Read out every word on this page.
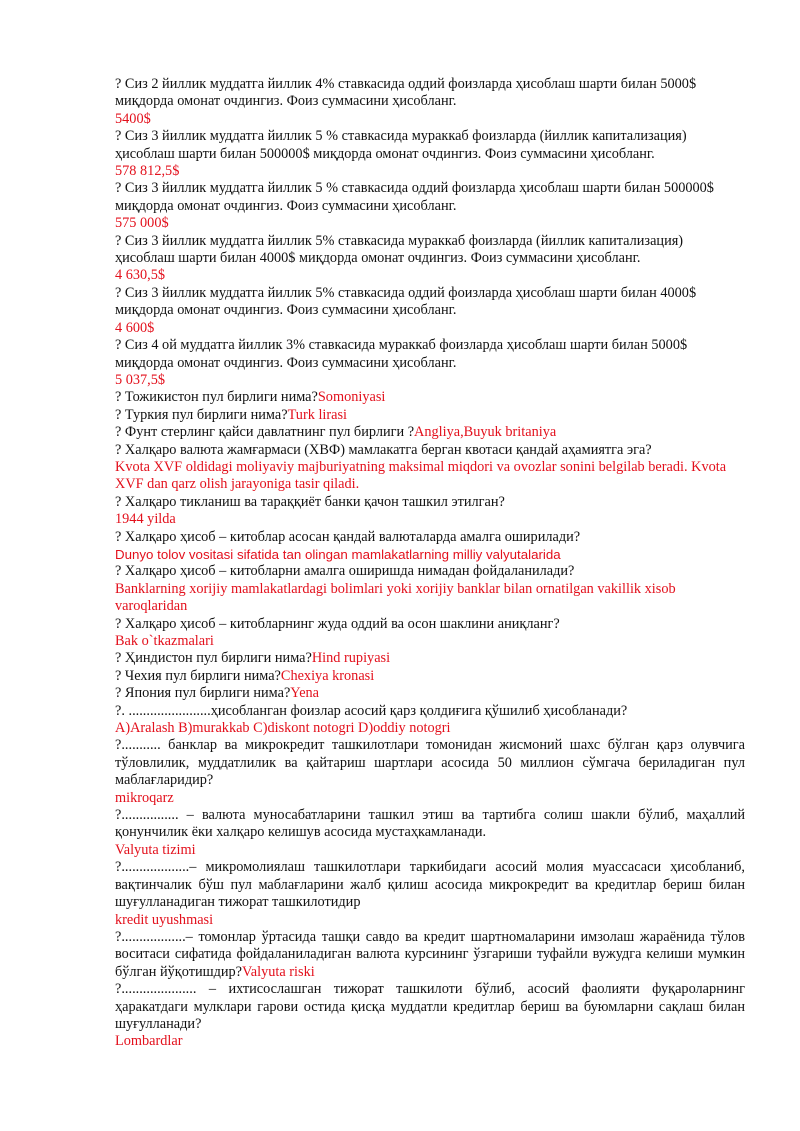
? Сиз 2 йиллик муддатга йиллик 4% ставкасида оддий фоизларда ҳисоблаш шарти билан 5000$ миқдорда омонат очдингиз. Фоиз суммасини ҳисобланг.

5400$

? Сиз 3 йиллик муддатга йиллик 5 % ставкасида мураккаб фоизларда (йиллик капитализация) ҳисоблаш шарти билан 500000$ миқдорда омонат очдингиз. Фоиз суммасини ҳисобланг.

578 812,5$

? Сиз 3 йиллик муддатга йиллик 5 % ставкасида оддий фоизларда ҳисоблаш шарти билан 500000$ миқдорда омонат очдингиз. Фоиз суммасини ҳисобланг.

575 000$

? Сиз 3 йиллик муддатга йиллик 5% ставкасида мураккаб фоизларда (йиллик капитализация) ҳисоблаш шарти билан 4000$ миқдорда омонат очдингиз. Фоиз суммасини ҳисобланг.

4 630,5$

? Сиз 3 йиллик муддатга йиллик 5% ставкасида оддий фоизларда ҳисоблаш шарти билан 4000$ миқдорда омонат очдингиз. Фоиз суммасини ҳисобланг.

4 600$

? Сиз 4 ой муддатга йиллик 3% ставкасида мураккаб фоизларда ҳисоблаш шарти билан 5000$ миқдорда омонат очдингиз. Фоиз суммасини ҳисобланг.

5 037,5$

? Тожикистон пул бирлиги нима?Somoniyasi

? Туркия пул бирлиги нима?Turk lirasi

? Фунт стерлинг қайси давлатнинг пул бирлиги ?Angliya,Buyuk britaniya

? Халқаро валюта жамғармаси (ХВФ) мамлакатга берган квотаси қандай аҳамиятга эга?

Kvota XVF oldidagi moliyaviy majburiyatning maksimal miqdori va ovozlar sonini belgilab beradi. Kvota XVF dan qarz olish jarayoniga tasir qiladi.

? Халқаро тикланиш ва тараққиёт банки қачон ташкил этилган?

1944 yilda

? Халқаро ҳисоб – китоблар асосан қандай валюталарда амалга оширилади?

Dunyo tolov vositasi sifatida tan olingan mamlakatlarning milliy valyutalarida

? Халқаро ҳисоб – китобларни амалга оширишда нимадан фойдаланилади?

Banklarning xorijiy mamlakatlardagi bolimlari yoki xorijiy banklar bilan ornatilgan vakillik xisob varoqlaridan

? Халқаро ҳисоб – китобларнинг жуда оддий ва осон шаклини аниқланг?

Bak o`tkazmalari

? Ҳиндистон пул бирлиги нима?Hind rupiyasi

? Чехия пул бирлиги нима?Chexiya kronasi

? Япония пул бирлиги нима?Yena

?. .......................ҳисобланган фоизлар асосий қарз қолдиғига қўшилиб ҳисобланади?

A)Aralash B)murakkab C)diskont notogri D)oddiy notogri

?........... банклар ва микрокредит ташкилотлари томонидан жисмоний шахс бўлган қарз олувчига тўловлилик, муддатлилик ва қайтариш шартлари асосида 50 миллион сўмгача бериладиган пул маблағларидир?

mikroqarz

?................ – валюта муносабатларини ташкил этиш ва тартибга солиш шакли бўлиб, маҳаллий қонунчилик ёки халқаро келишув асосида мустаҳкамланади.

Valyuta tizimi

?...................– микромолиялаш ташкилотлари таркибидаги асосий молия муассасаси ҳисобланиб, вақтинчалик бўш пул маблағларини жалб қилиш асосида микрокредит ва кредитлар бериш билан шуғулланадиган тижорат ташкилотидир

kredit uyushmasi

?..................– томонлар ўртасида ташқи савдо ва кредит шартномаларини имзолаш жараёнида тўлов воситаси сифатида фойдаланиладиган валюта курсининг ўзгариши туфайли вужудга келиши мумкин бўлган йўқотишдир?Valyuta riski

?..................... – ихтисослашган тижорат ташкилоти бўлиб, асосий фаолияти фуқароларнинг ҳаракатдаги мулклари гарови остида қисқа муддатли кредитлар бериш ва буюмларни сақлаш билан шуғулланади?

Lombardlar
